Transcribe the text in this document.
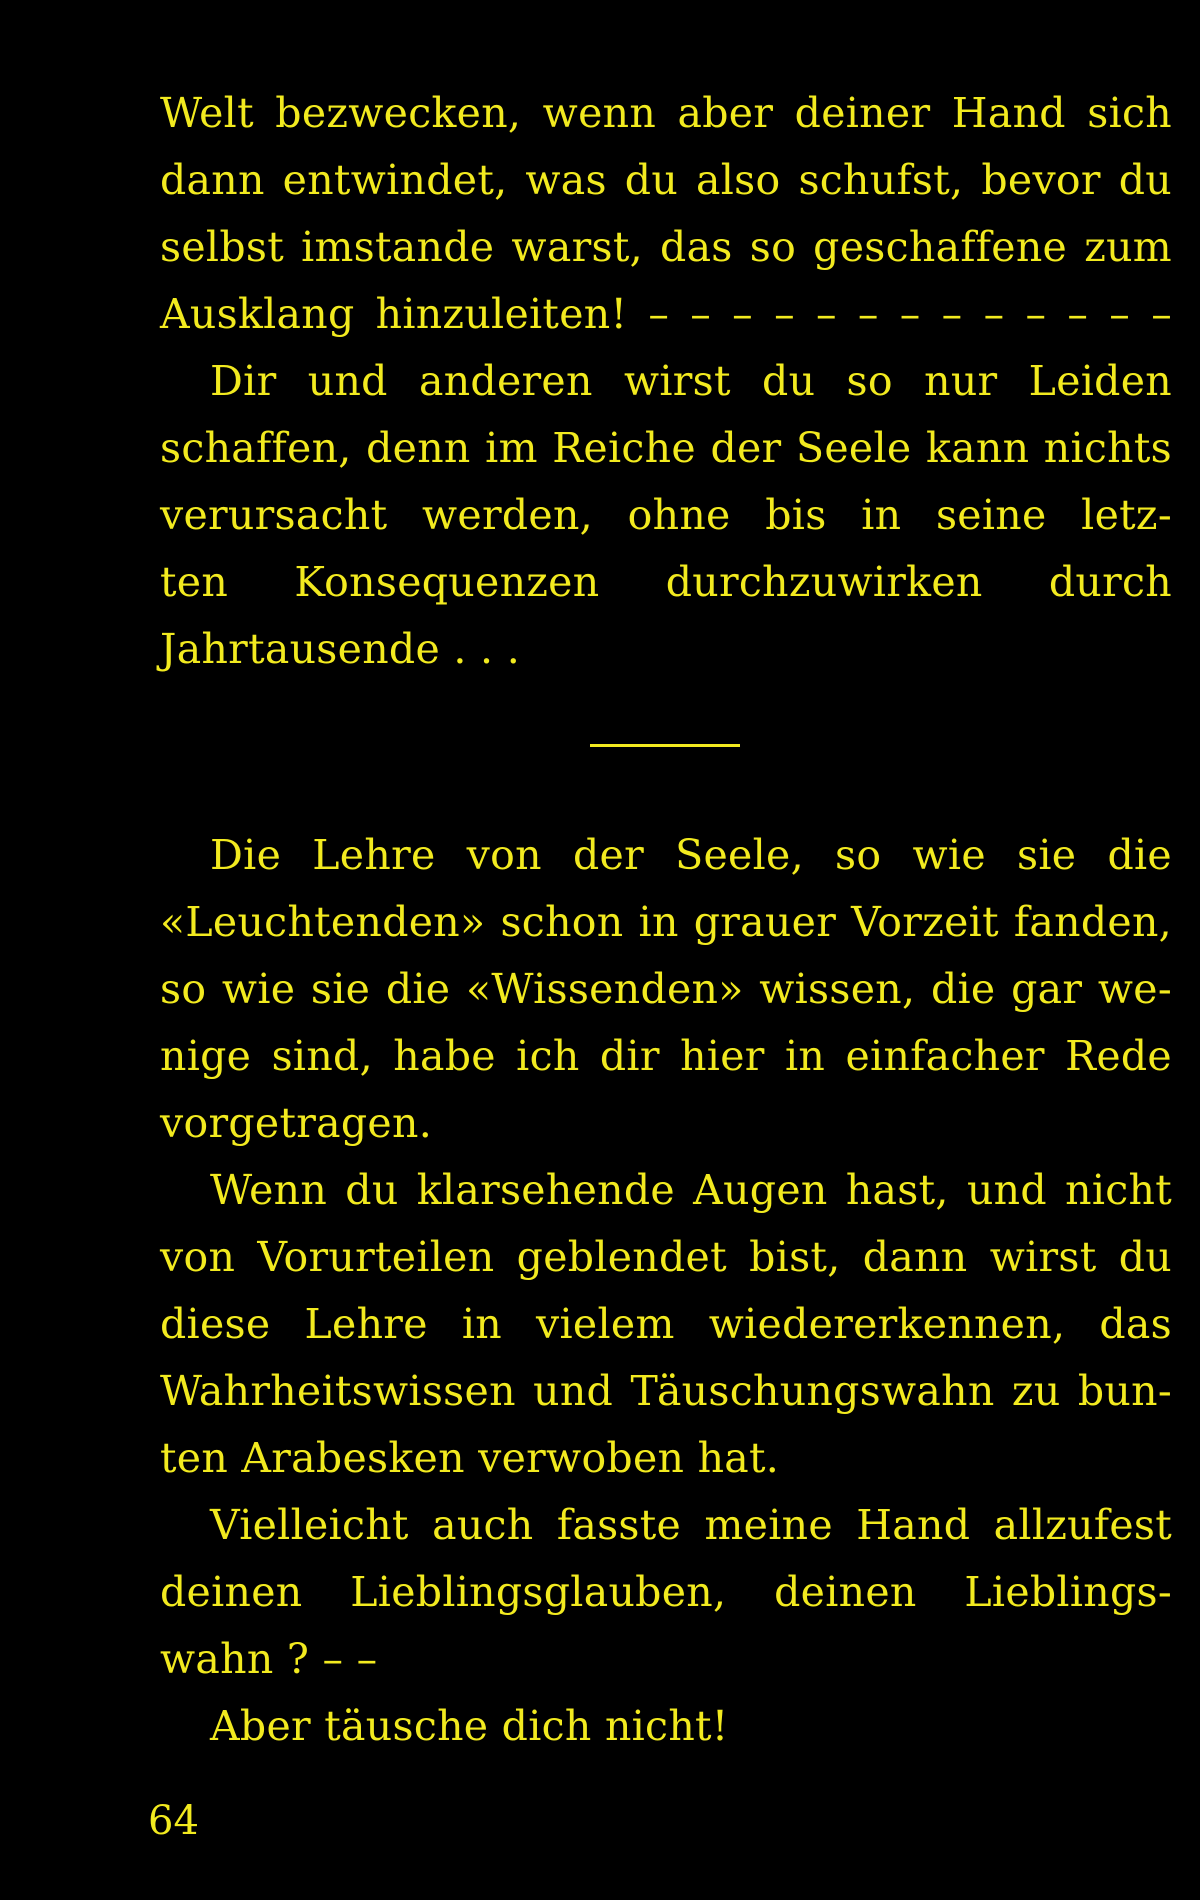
Welt bezwecken, wenn aber deiner Hand sich
dann entwindet, was du also schufst, bevor du
selbst imstande warst, das so geschaffene zum
Ausklang hinzuleiten! – – – – – – – – – – – – –
Dir und anderen wirst du so nur Leiden
schaffen, denn im Reiche der Seele kann nichts
verursacht werden, ohne bis in seine letz-
ten Konsequenzen durchzuwirken durch
Jahrtausende . . .
Die Lehre von der Seele, so wie sie die
«Leuchtenden» schon in grauer Vorzeit fanden,
so wie sie die «Wissenden» wissen, die gar we-
nige sind, habe ich dir hier in einfacher Rede
vorgetragen.
Wenn du klarsehende Augen hast, und nicht
von Vorurteilen geblendet bist, dann wirst du
diese Lehre in vielem wiedererkennen, das
Wahrheitswissen und Täuschungswahn zu bun-
ten Arabesken verwoben hat.
Vielleicht auch fasste meine Hand allzufest
deinen Lieblingsglauben, deinen Lieblings-
wahn ? – –
Aber täusche dich nicht!
64
